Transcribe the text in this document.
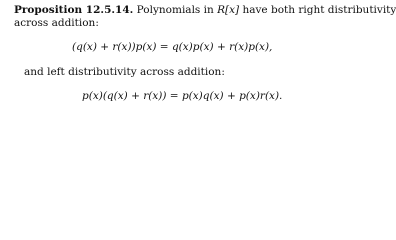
Proposition 12.5.14. Polynomials in R[x] have both right distributivity
across addition:
(q(x) + r(x))p(x) = q(x)p(x) + r(x)p(x),
and left distributivity across addition:
p(x)(q(x) + r(x)) = p(x)q(x) + p(x)r(x).
